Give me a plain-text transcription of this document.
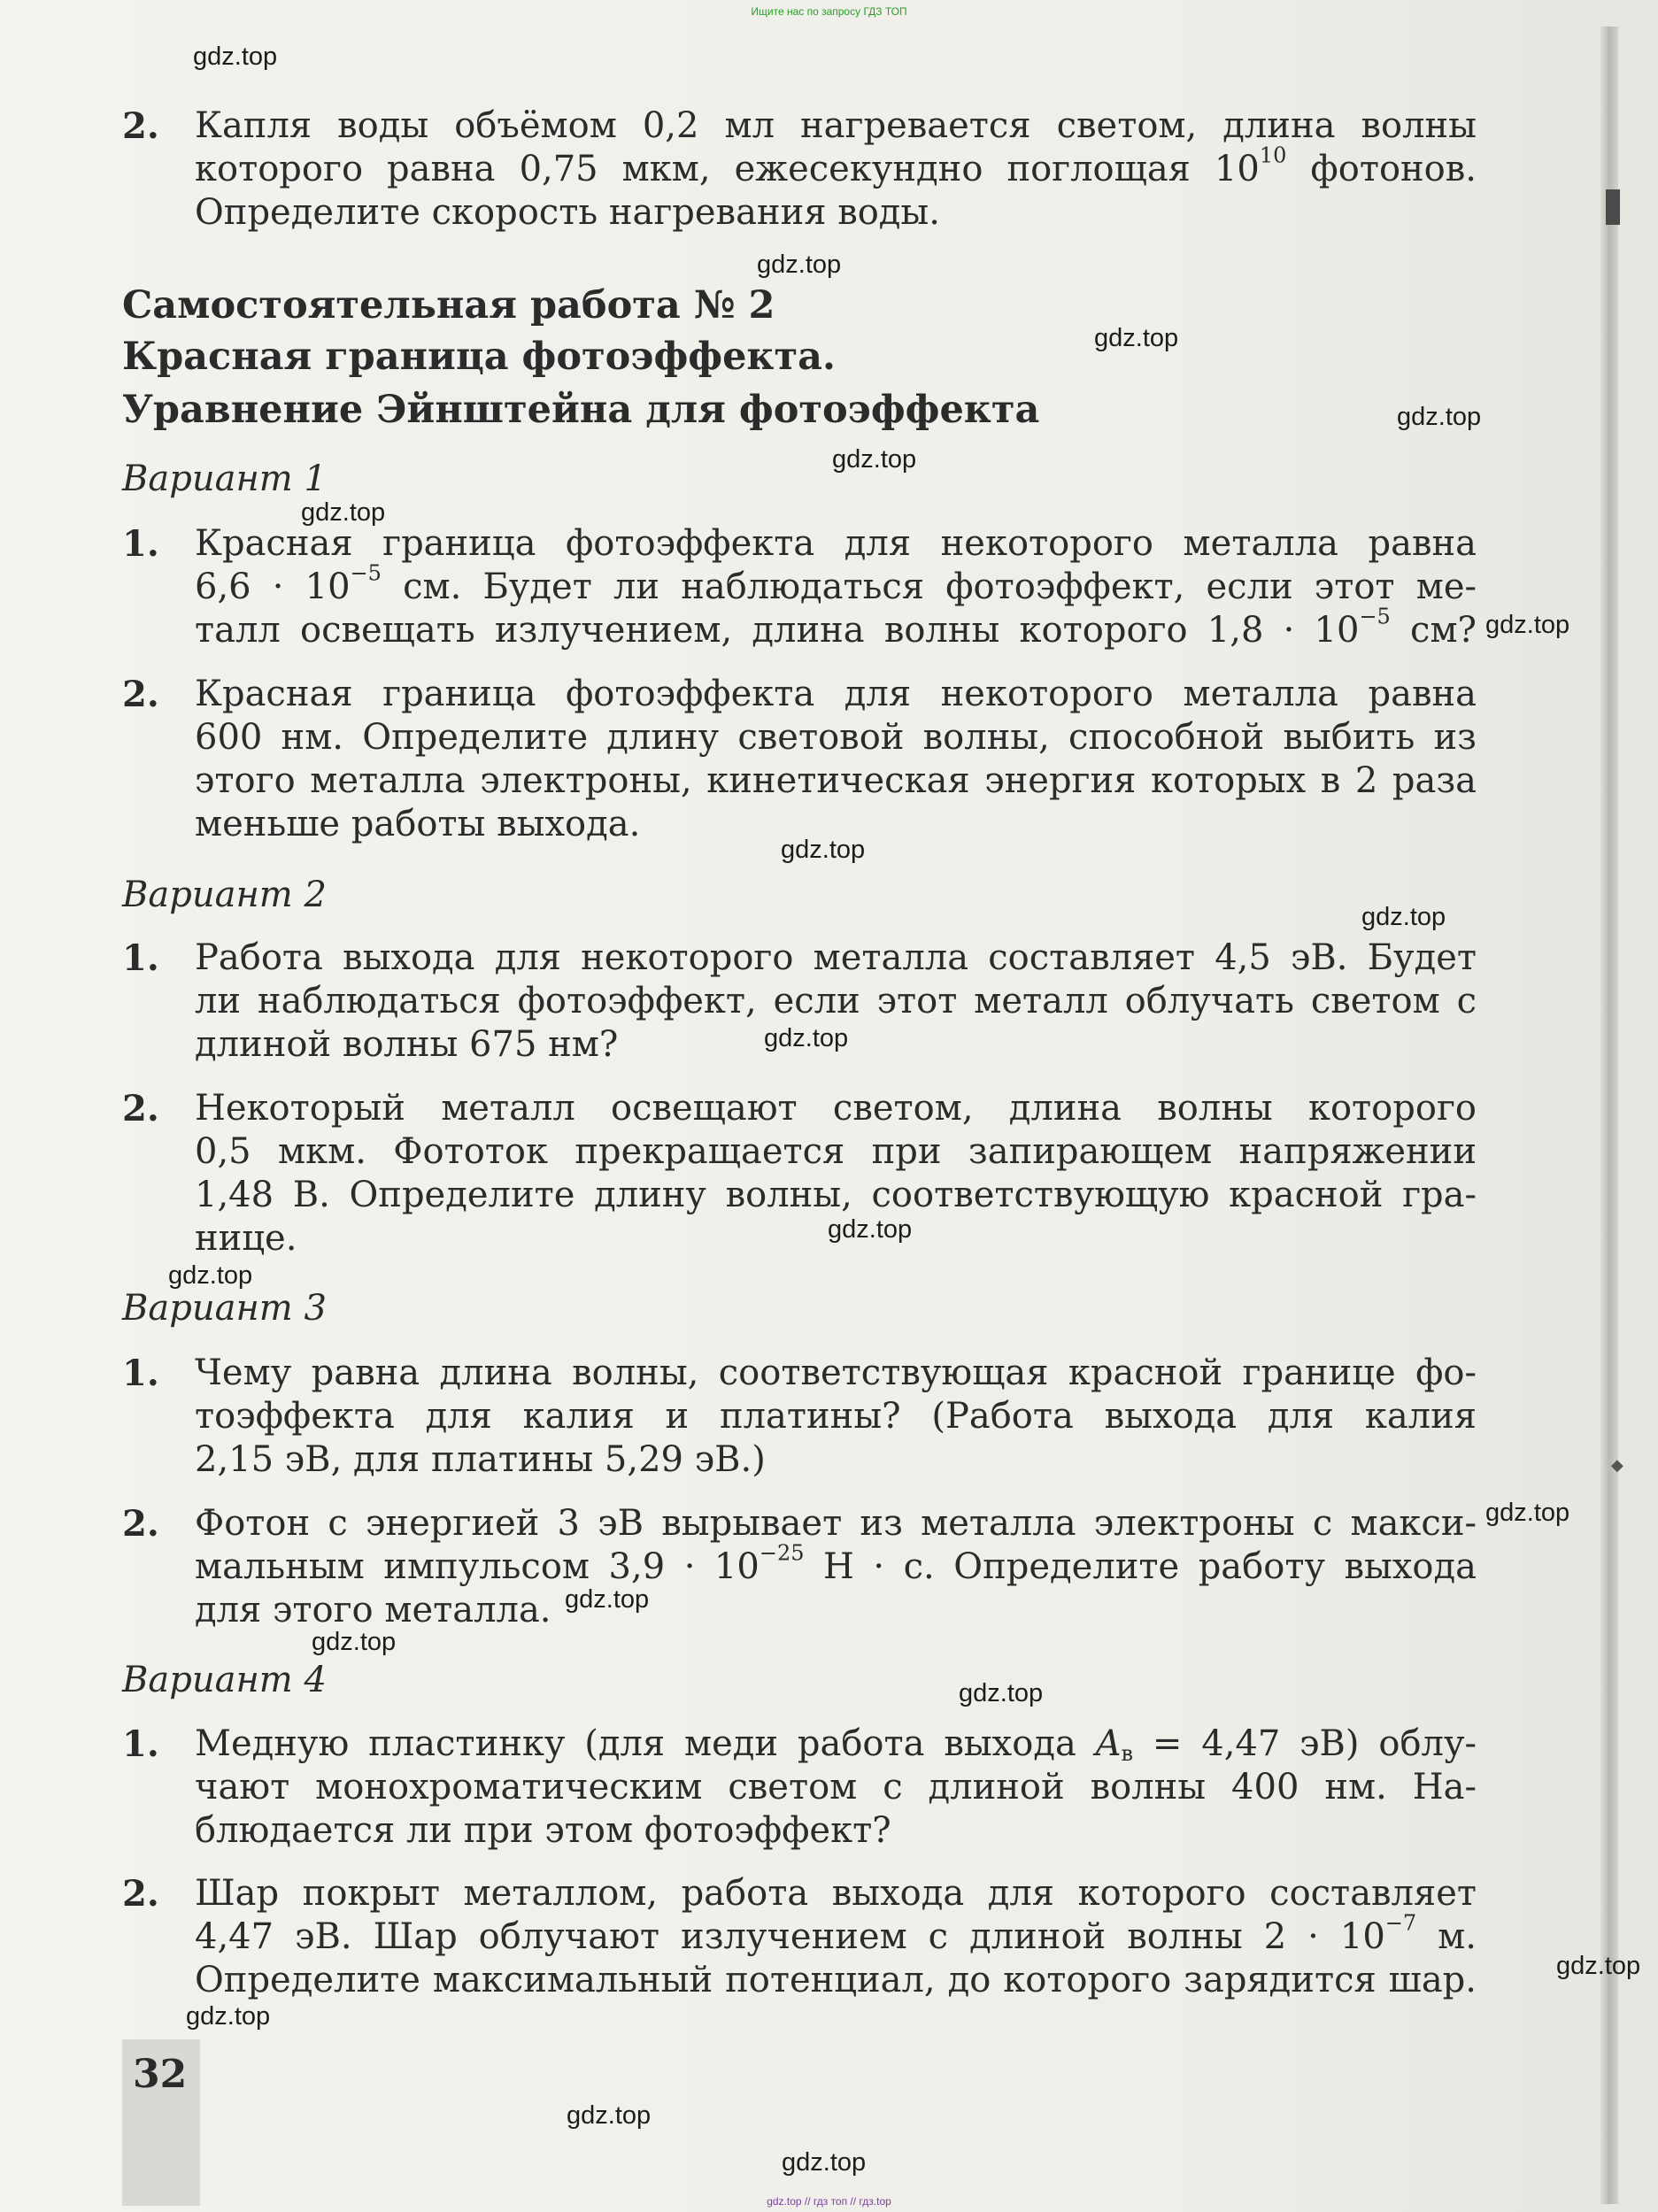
◆
Ищите нас по запросу ГДЗ ТОП
gdz.top
gdz.top
gdz.top
gdz.top
gdz.top
gdz.top
gdz.top
gdz.top
gdz.top
gdz.top
gdz.top
gdz.top
gdz.top
gdz.top
gdz.top
gdz.top
gdz.top
gdz.top
gdz.top
gdz.top
2. Капля воды объёмом 0,2 мл нагревается светом, длина волны
которого равна 0,75 мкм, ежесекундно поглощая $10^{10}$ фотонов.
Определите скорость нагревания воды.
Самостоятельная работа № 2
Красная граница фотоэффекта.
Уравнение Эйнштейна для фотоэффекта
Вариант 1
1. Красная граница фотоэффекта для некоторого металла равна
$6,6 \cdot 10^{-5}$ см. Будет ли наблюдаться фотоэффект, если этот ме-
талл освещать излучением, длина волны которого $1,8 \cdot 10^{-5}$ см?
2. Красная граница фотоэффекта для некоторого металла равна
600 нм. Определите длину световой волны, способной выбить из
этого металла электроны, кинетическая энергия которых в 2 раза
меньше работы выхода.
Вариант 2
1. Работа выхода для некоторого металла составляет 4,5 эВ. Будет
ли наблюдаться фотоэффект, если этот металл облучать светом с
длиной волны 675 нм?
2. Некоторый металл освещают светом, длина волны которого
0,5 мкм. Фототок прекращается при запирающем напряжении
1,48 В. Определите длину волны, соответствующую красной гра-
нице.
Вариант 3
1. Чему равна длина волны, соответствующая красной границе фо-
тоэффекта для калия и платины? (Работа выхода для калия
2,15 эВ, для платины 5,29 эВ.)
2. Фотон с энергией 3 эВ вырывает из металла электроны с макси-
мальным импульсом $3,9 \cdot 10^{-25}$ Н · с. Определите работу выхода
для этого металла.
Вариант 4
1. Медную пластинку (для меди работа выхода $A_в = 4,47$ эВ) облу-
чают монохроматическим светом с длиной волны 400 нм. На-
блюдается ли при этом фотоэффект?
2. Шар покрыт металлом, работа выхода для которого составляет
4,47 эВ. Шар облучают излучением с длиной волны $2 \cdot 10^{-7}$ м.
Определите максимальный потенциал, до которого зарядится шар.
32
gdz.top // гдз топ // гдз.top
